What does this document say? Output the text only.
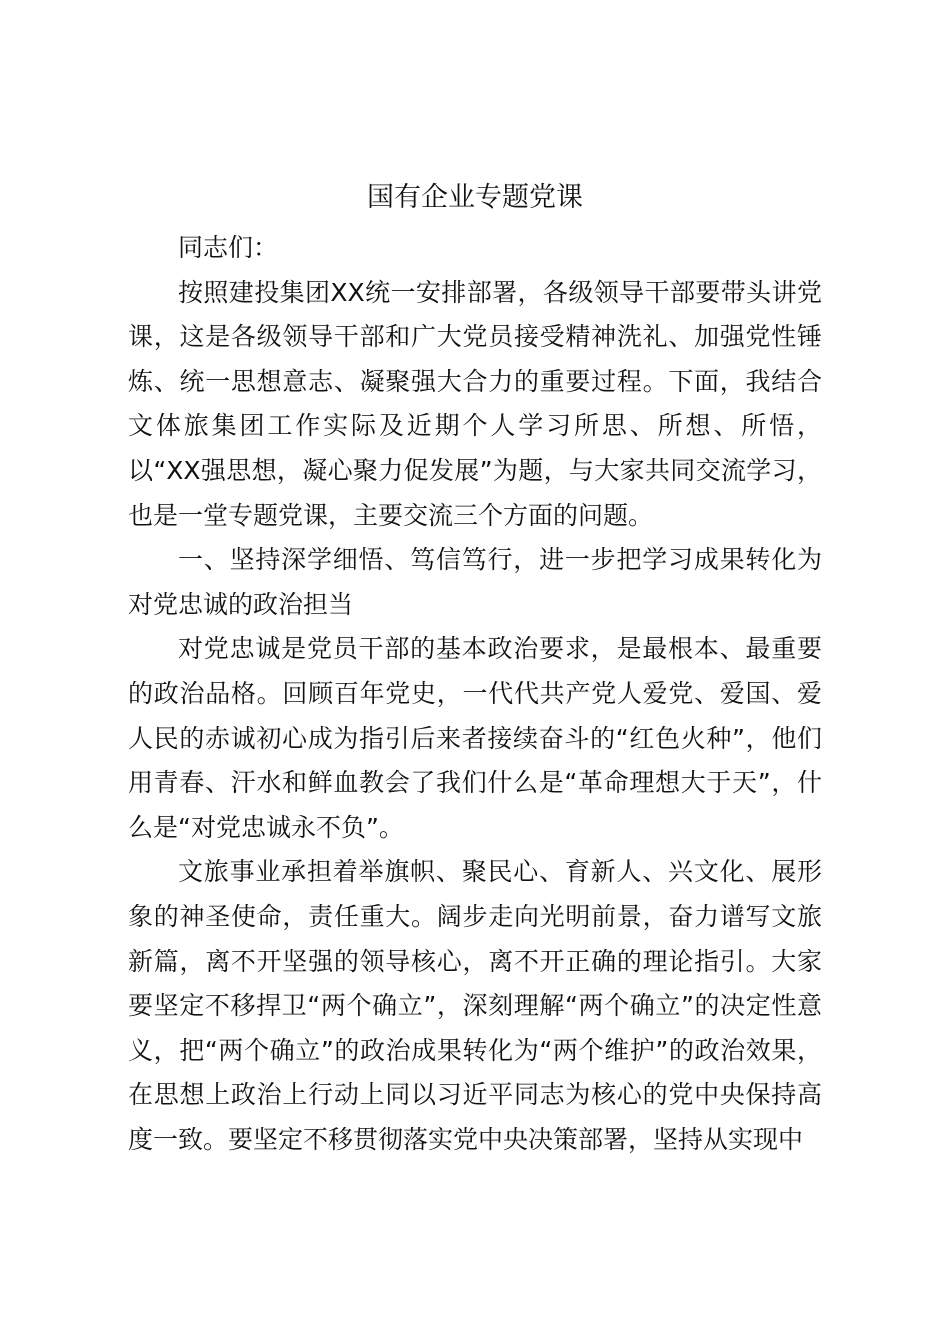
国有企业专题党课

同志们：

按照建投集团XX统一安排部署，各级领导干部要带头讲党课，这是各级领导干部和广大党员接受精神洗礼、加强党性锤炼、统一思想意志、凝聚强大合力的重要过程。下面，我结合文体旅集团工作实际及近期个人学习所思、所想、所悟，以“XX强思想，凝心聚力促发展”为题，与大家共同交流学习，也是一堂专题党课，主要交流三个方面的问题。

一、坚持深学细悟、笃信笃行，进一步把学习成果转化为对党忠诚的政治担当

对党忠诚是党员干部的基本政治要求，是最根本、最重要的政治品格。回顾百年党史，一代代共产党人爱党、爱国、爱人民的赤诚初心成为指引后来者接续奋斗的“红色火种”，他们用青春、汗水和鲜血教会了我们什么是“革命理想大于天”，什么是“对党忠诚永不负”。

文旅事业承担着举旗帜、聚民心、育新人、兴文化、展形象的神圣使命，责任重大。阔步走向光明前景，奋力谱写文旅新篇，离不开坚强的领导核心，离不开正确的理论指引。大家要坚定不移捍卫“两个确立”，深刻理解“两个确立”的决定性意义，把“两个确立”的政治成果转化为“两个维护”的政治效果，在思想上政治上行动上同以习近平同志为核心的党中央保持高度一致。要坚定不移贯彻落实党中央决策部署，坚持从实现中
